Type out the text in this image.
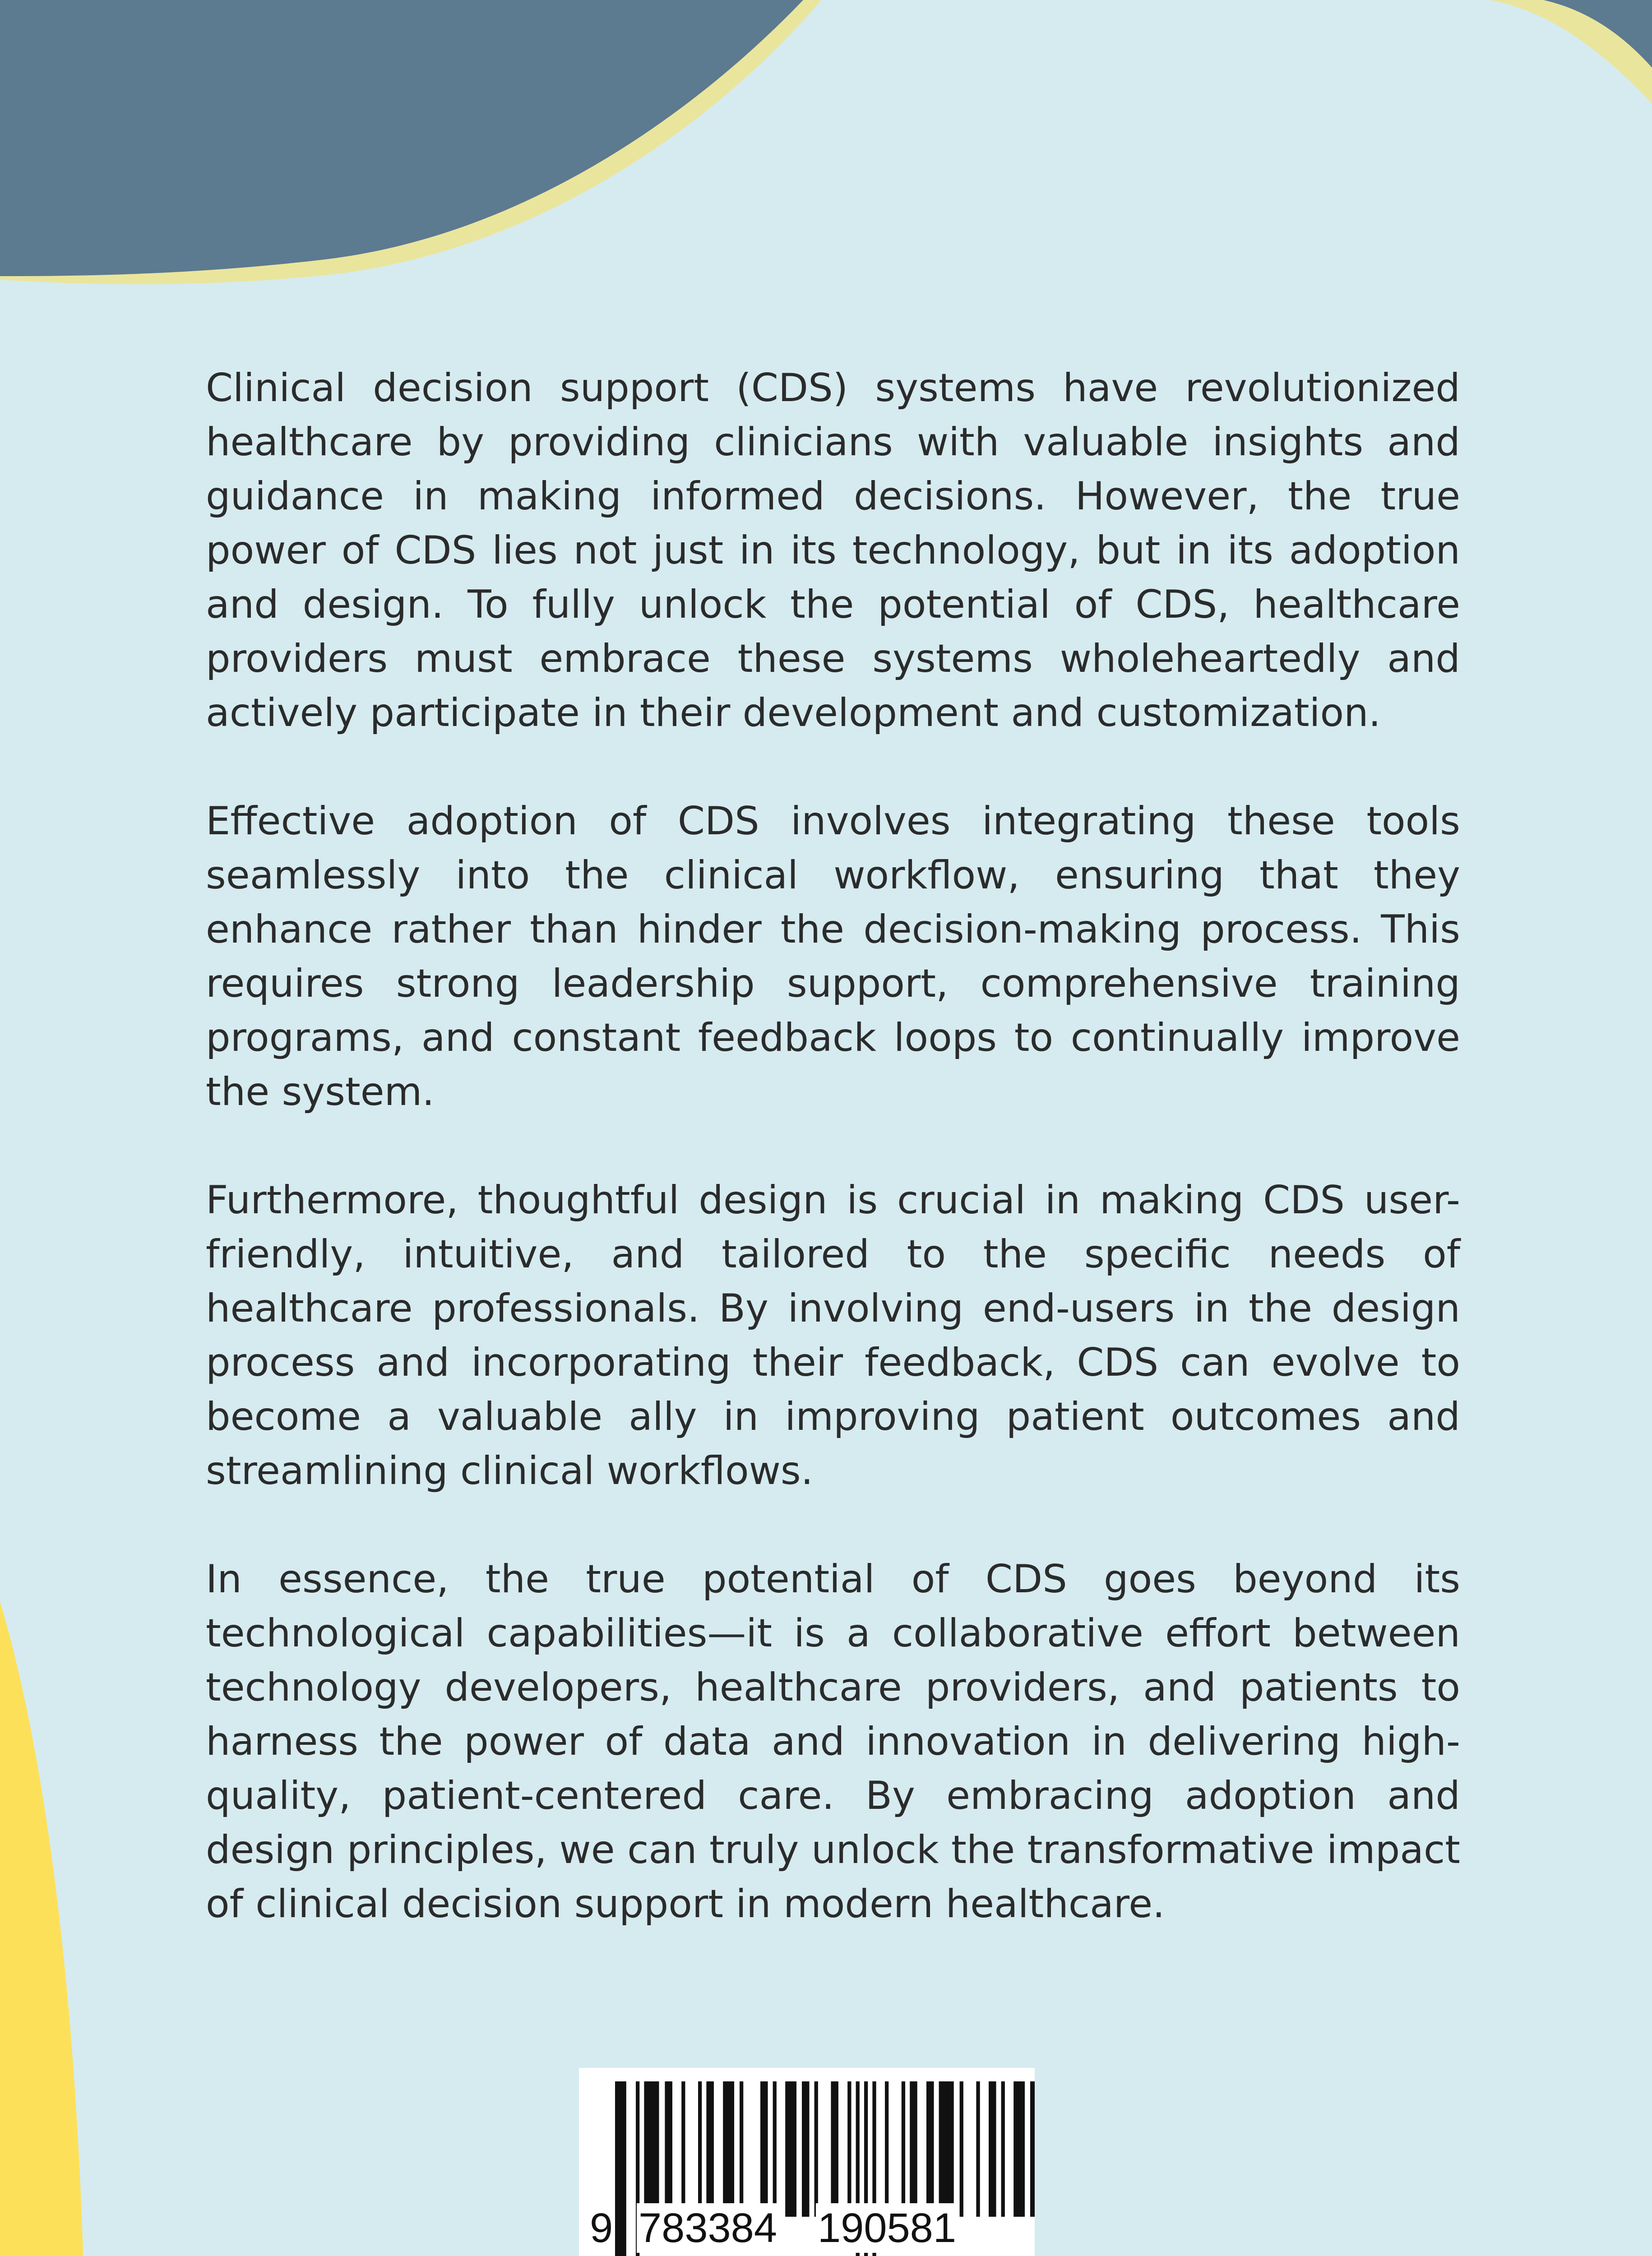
Clinical decision support (CDS) systems have revolutionized healthcare by providing clinicians with valuable insights and guidance in making informed decisions. However, the true power of CDS lies not just in its technology, but in its adoption and design. To fully unlock the potential of CDS, healthcare providers must embrace these systems wholeheartedly and actively participate in their development and customization.

Effective adoption of CDS involves integrating these tools seamlessly into the clinical workflow, ensuring that they enhance rather than hinder the decision-making process. This requires strong leadership support, comprehensive training programs, and constant feedback loops to continually improve the system.

Furthermore, thoughtful design is crucial in making CDS user-friendly, intuitive, and tailored to the specific needs of healthcare professionals. By involving end-users in the design process and incorporating their feedback, CDS can evolve to become a valuable ally in improving patient outcomes and streamlining clinical workflows.

In essence, the true potential of CDS goes beyond its technological capabilities—it is a collaborative effort between technology developers, healthcare providers, and patients to harness the power of data and innovation in delivering high-quality, patient-centered care. By embracing adoption and design principles, we can truly unlock the transformative impact of clinical decision support in modern healthcare.

9 783384 190581
